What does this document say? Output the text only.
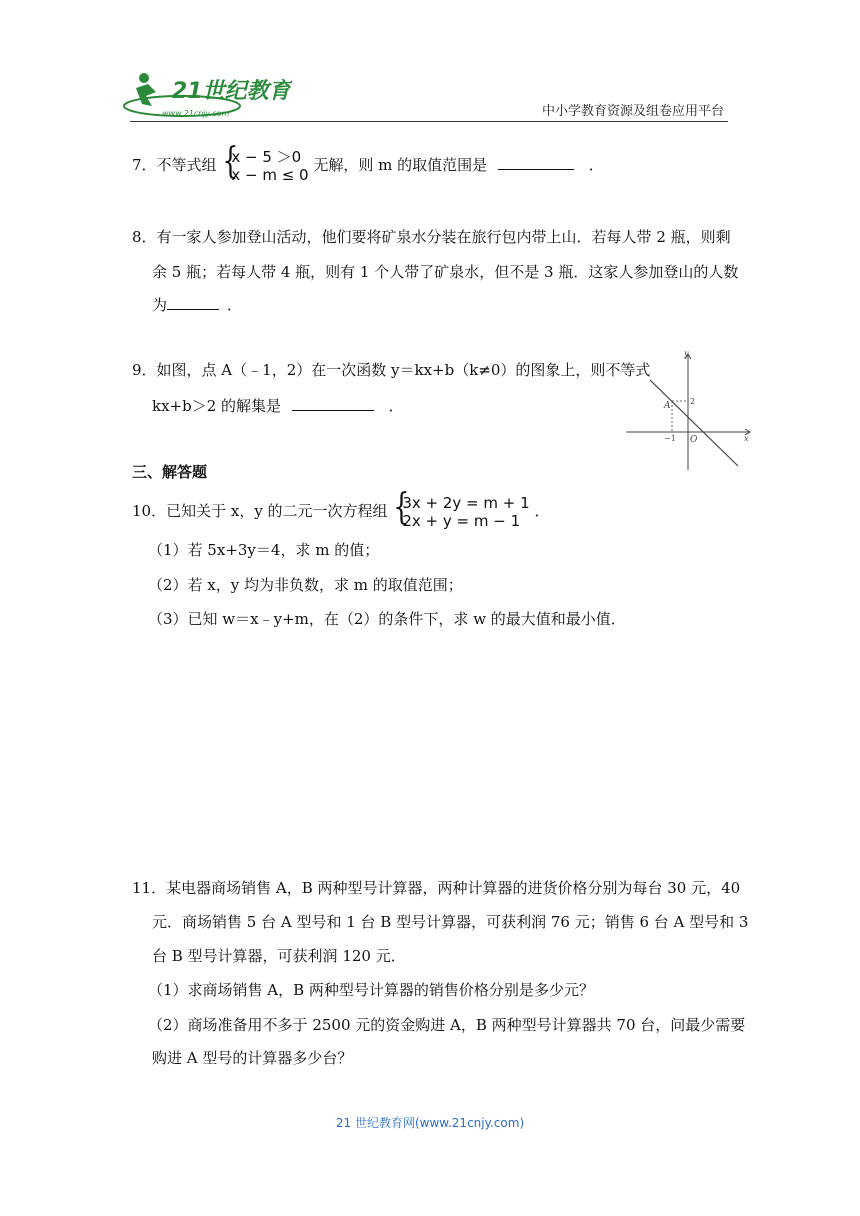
21世纪教育
www.21cnjy.com	中小学教育资源及组卷应用平台
7．不等式组 {
x − 5 ＞0
x − m ≤ 0
无解，则 m 的取值范围是	．
8．有一家人参加登山活动，他们要将矿泉水分装在旅行包内带上山．若每人带 2 瓶，则剩
余 5 瓶；若每人带 4 瓶，则有 1 个人带了矿泉水，但不是 3 瓶．这家人参加登山的人数
为	．
9．如图，点 A（﹣1，2）在一次函数 y＝kx+b（k≠0）的图象上，则不等式
kx+b＞2 的解集是	．
y
x
O
A 2
−1
三、解答题
10．已知关于 x，y 的二元一次方程组 {
3x + 2y = m + 1
2x + y = m − 1
．
（1）若 5x+3y＝4，求 m 的值；
（2）若 x，y 均为非负数，求 m 的取值范围；
（3）已知 w＝x﹣y+m，在（2）的条件下，求 w 的最大值和最小值．
11．某电器商场销售 A，B 两种型号计算器，两种计算器的进货价格分别为每台 30 元，40
元．商场销售 5 台 A 型号和 1 台 B 型号计算器，可获利润 76 元；销售 6 台 A 型号和 3
台 B 型号计算器，可获利润 120 元．
（1）求商场销售 A，B 两种型号计算器的销售价格分别是多少元？
（2）商场准备用不多于 2500 元的资金购进 A，B 两种型号计算器共 70 台，问最少需要
购进 A 型号的计算器多少台？
21 世纪教育网(www.21cnjy.com)
